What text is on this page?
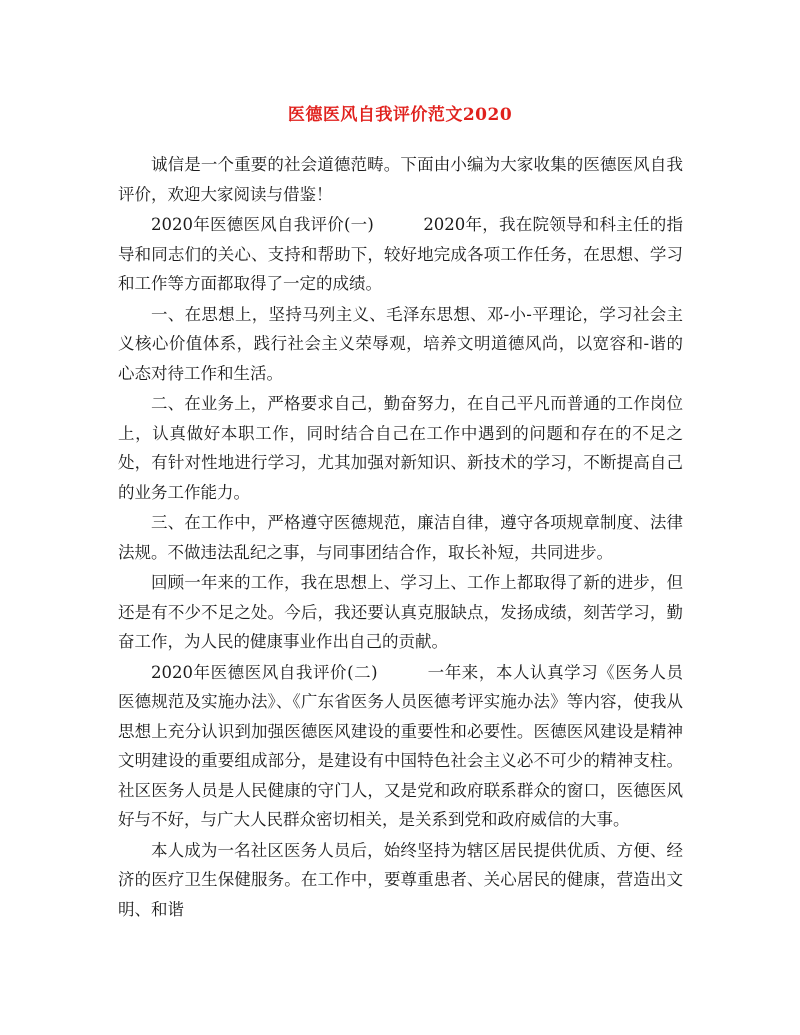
医德医风自我评价范文2020

诚信是一个重要的社会道德范畴。下面由小编为大家收集的医德医风自我评价，欢迎大家阅读与借鉴！

2020年医德医风自我评价(一)	2020年，我在院领导和科主任的指导和同志们的关心、支持和帮助下，较好地完成各项工作任务，在思想、学习和工作等方面都取得了一定的成绩。

一、在思想上，坚持马列主义、毛泽东思想、邓-小-平理论，学习社会主义核心价值体系，践行社会主义荣辱观，培养文明道德风尚，以宽容和-谐的心态对待工作和生活。

二、在业务上，严格要求自己，勤奋努力，在自己平凡而普通的工作岗位上，认真做好本职工作，同时结合自己在工作中遇到的问题和存在的不足之处，有针对性地进行学习，尤其加强对新知识、新技术的学习，不断提高自己的业务工作能力。

三、在工作中，严格遵守医德规范，廉洁自律，遵守各项规章制度、法律法规。不做违法乱纪之事，与同事团结合作，取长补短，共同进步。

回顾一年来的工作，我在思想上、学习上、工作上都取得了新的进步，但还是有不少不足之处。今后，我还要认真克服缺点，发扬成绩，刻苦学习，勤奋工作，为人民的健康事业作出自己的贡献。

2020年医德医风自我评价(二)	一年来，本人认真学习《医务人员医德规范及实施办法》、《广东省医务人员医德考评实施办法》等内容，使我从思想上充分认识到加强医德医风建设的重要性和必要性。医德医风建设是精神文明建设的重要组成部分，是建设有中国特色社会主义必不可少的精神支柱。社区医务人员是人民健康的守门人，又是党和政府联系群众的窗口，医德医风好与不好，与广大人民群众密切相关，是关系到党和政府威信的大事。

本人成为一名社区医务人员后，始终坚持为辖区居民提供优质、方便、经济的医疗卫生保健服务。在工作中，要尊重患者、关心居民的健康，营造出文明、和谐
